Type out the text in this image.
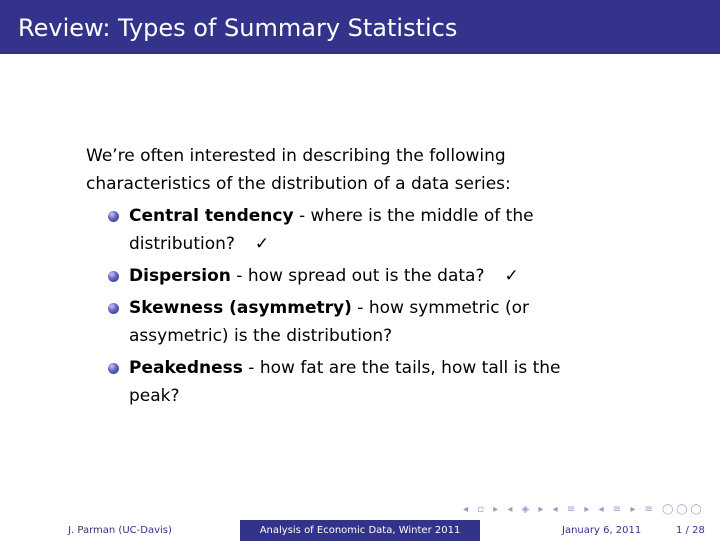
Review: Types of Summary Statistics

We’re often interested in describing the following characteristics of the distribution of a data series:

Central tendency - where is the middle of the distribution? ✓
Dispersion - how spread out is the data? ✓
Skewness (asymmetry) - how symmetric (or assymetric) is the distribution?
Peakedness - how fat are the tails, how tall is the peak?
◂ ▫ ▸ ◂ ◈ ▸ ◂ ≡ ▸ ◂ ≡ ▸ ≡ ◯◯◯
J. Parman (UC-Davis)	Analysis of Economic Data, Winter 2011	January 6, 2011	1 / 28
